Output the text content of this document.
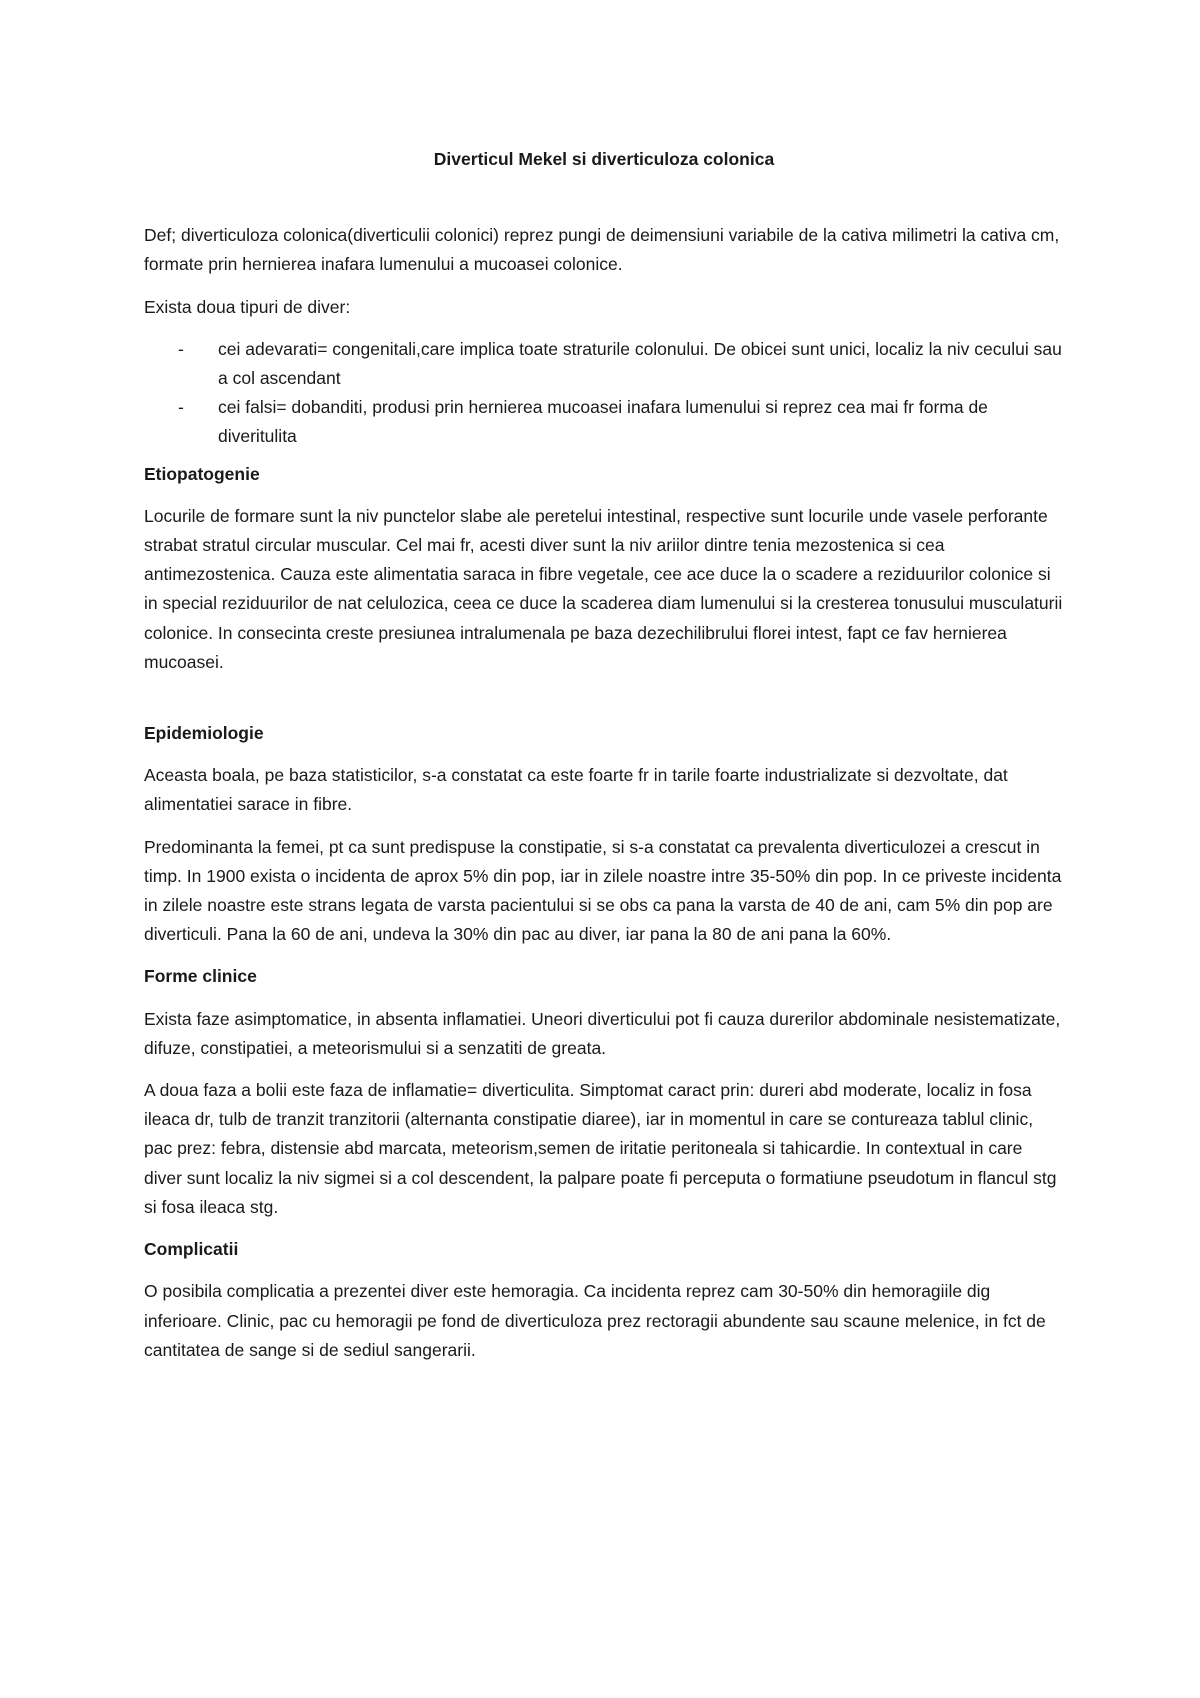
Diverticul Mekel si diverticuloza colonica

Def; diverticuloza colonica(diverticulii colonici) reprez pungi de deimensiuni variabile de la cativa milimetri la cativa cm, formate prin hernierea inafara lumenului a mucoasei colonice.

Exista doua tipuri de diver:

- cei adevarati= congenitali,care implica toate straturile colonului. De obicei sunt unici, localiz la niv cecului sau a col ascendant
- cei falsi= dobanditi, produsi prin hernierea mucoasei inafara lumenului si reprez cea mai fr forma de diveritulita
Etiopatogenie

Locurile de formare sunt la niv punctelor slabe ale peretelui intestinal, respective sunt locurile unde vasele perforante strabat stratul circular muscular. Cel mai fr, acesti diver sunt la niv ariilor dintre tenia mezostenica si cea antimezostenica. Cauza este alimentatia saraca in fibre vegetale, cee ace duce la o scadere a reziduurilor colonice si in special reziduurilor de nat celulozica, ceea ce duce la scaderea diam lumenului si la cresterea tonusului musculaturii colonice. In consecinta creste presiunea intralumenala pe baza dezechilibrului florei intest, fapt ce fav hernierea mucoasei.

Epidemiologie

Aceasta boala, pe baza statisticilor, s-a constatat ca este foarte fr in tarile foarte industrializate si dezvoltate, dat alimentatiei sarace in fibre.

Predominanta la femei, pt ca sunt predispuse la constipatie, si s-a constatat ca prevalenta diverticulozei a crescut in timp. In 1900 exista o incidenta de aprox 5% din pop, iar in zilele noastre intre 35-50% din pop. In ce priveste incidenta in zilele noastre este strans legata de varsta pacientului si se obs ca pana la varsta de 40 de ani, cam 5% din pop are diverticuli. Pana la 60 de ani, undeva la 30% din pac au diver, iar pana la 80 de ani pana la 60%.

Forme clinice

Exista faze asimptomatice, in absenta inflamatiei. Uneori diverticului pot fi cauza durerilor abdominale nesistematizate, difuze, constipatiei, a meteorismului si a senzatiti de greata.

A doua faza a bolii este faza de inflamatie= diverticulita. Simptomat caract prin: dureri abd moderate, localiz in fosa ileaca dr, tulb de tranzit tranzitorii (alternanta constipatie diaree), iar in momentul in care se contureaza tablul clinic, pac prez: febra, distensie abd marcata, meteorism,semen de iritatie peritoneala si tahicardie. In contextual in care diver sunt localiz la niv sigmei si a col descendent, la palpare poate fi perceputa o formatiune pseudotum in flancul stg si fosa ileaca stg.

Complicatii

O posibila complicatia a prezentei diver este hemoragia. Ca incidenta reprez cam 30-50% din hemoragiile dig inferioare. Clinic, pac cu hemoragii pe fond de diverticuloza prez rectoragii abundente sau scaune melenice, in fct de cantitatea de sange si de sediul sangerarii.
